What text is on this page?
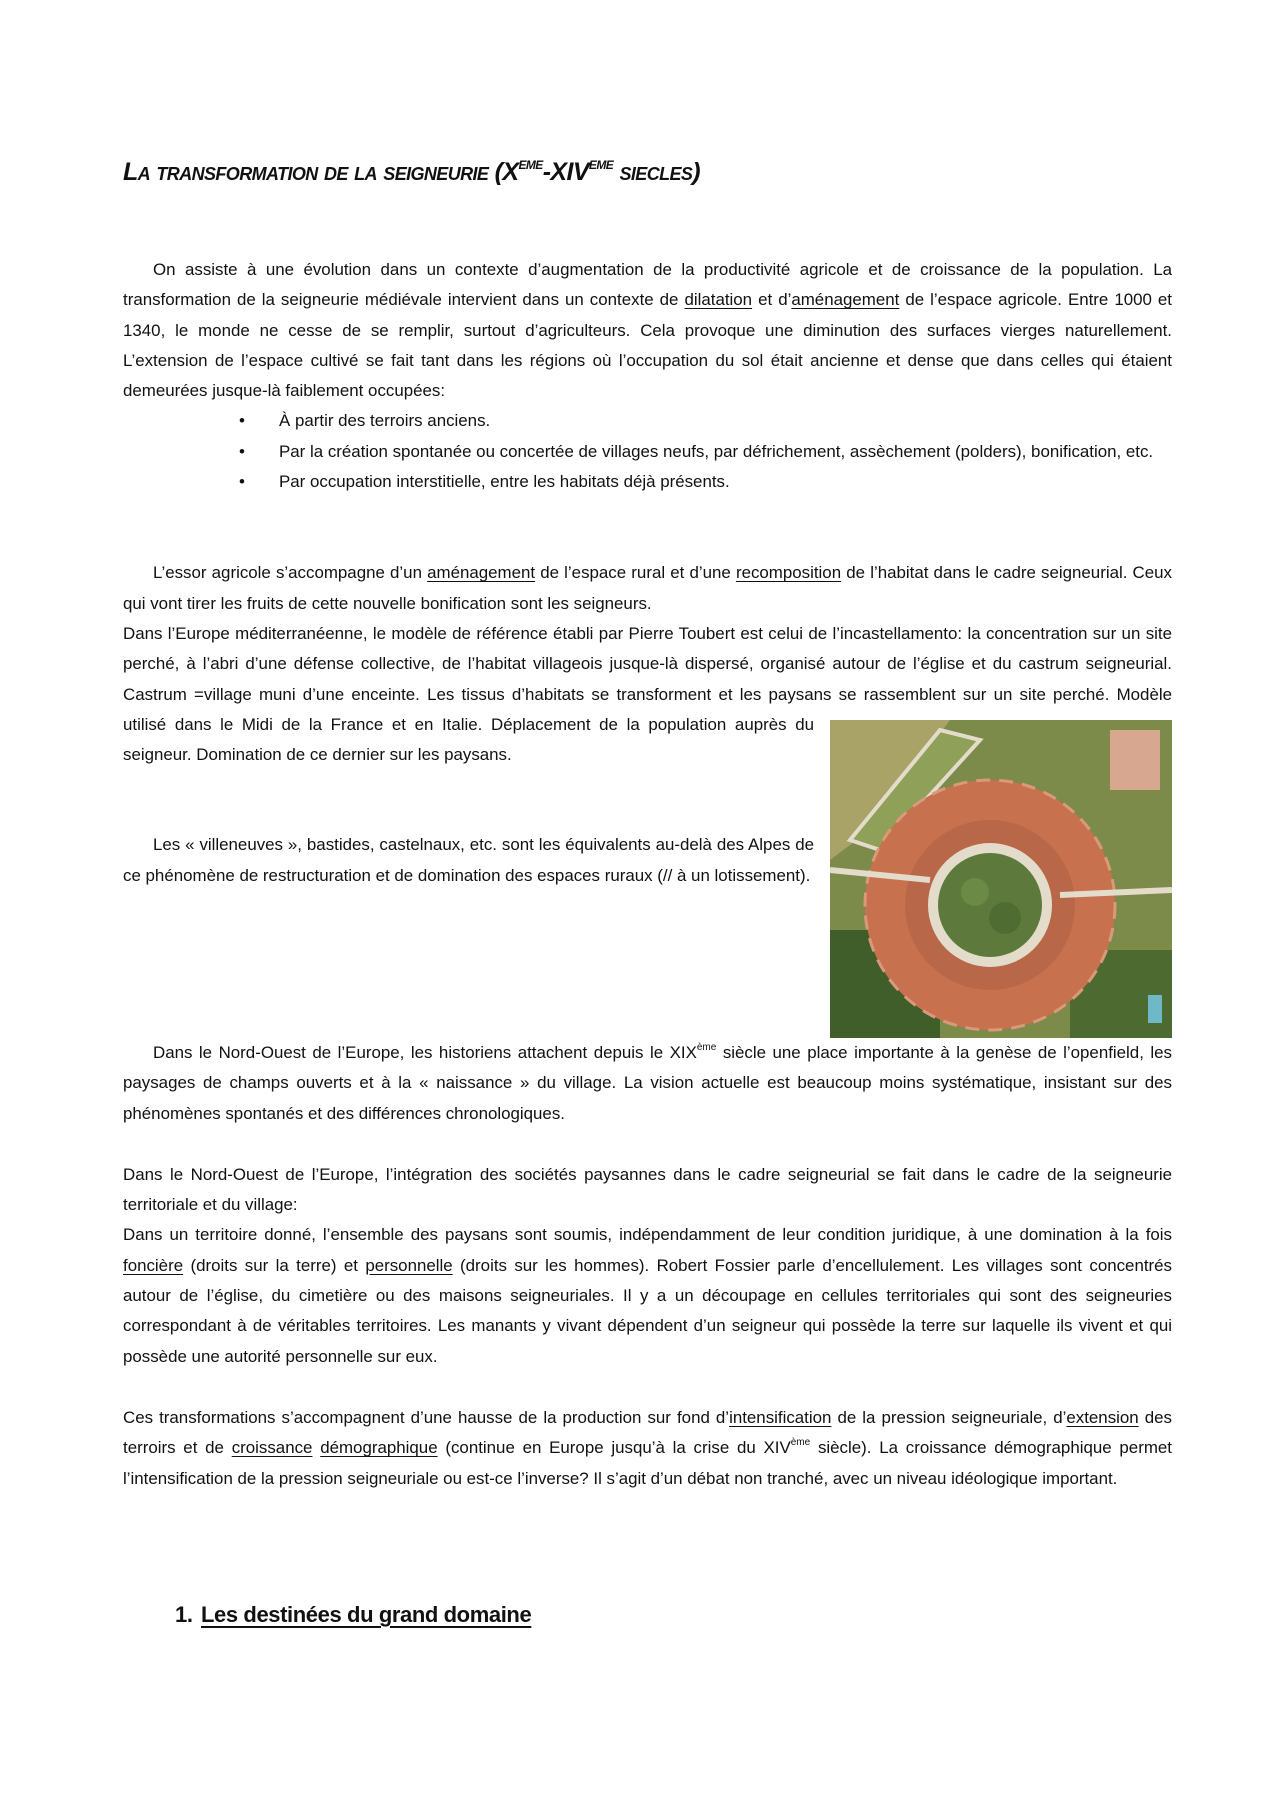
La transformation de la seigneurie (XEME-XIVEME siecles)

On assiste à une évolution dans un contexte d’augmentation de la productivité agricole et de croissance de la population. La transformation de la seigneurie médiévale intervient dans un contexte de dilatation et d’aménagement de l’espace agricole. Entre 1000 et 1340, le monde ne cesse de se remplir, surtout d’agriculteurs. Cela provoque une diminution des surfaces vierges naturellement. L’extension de l’espace cultivé se fait tant dans les régions où l’occupation du sol était ancienne et dense que dans celles qui étaient demeurées jusque-là faiblement occupées:

• À partir des terroirs anciens.
• Par la création spontanée ou concertée de villages neufs, par défrichement, assèchement (polders), bonification, etc.
• Par occupation interstitielle, entre les habitats déjà présents.

L’essor agricole s’accompagne d’un aménagement de l’espace rural et d’une recomposition de l’habitat dans le cadre seigneurial. Ceux qui vont tirer les fruits de cette nouvelle bonification sont les seigneurs.

Dans l’Europe méditerranéenne, le modèle de référence établi par Pierre Toubert est celui de l’incastellamento: la concentration sur un site perché, à l’abri d’une défense collective, de l’habitat villageois jusque-là dispersé, organisé autour de l’église et du castrum seigneurial. Castrum =village muni d’une enceinte. Les tissus d’habitats se transforment et les paysans se rassemblent sur un site perché. Modèle utilisé dans le Midi de la France et en Italie. Déplacement de la population auprès du seigneur. Domination de ce dernier sur les paysans.

Les « villeneuves », bastides, castelnaux, etc. sont les équivalents au-delà des Alpes de ce phénomène de restructuration et de domination des espaces ruraux (// à un lotissement).

Dans le Nord-Ouest de l’Europe, les historiens attachent depuis le XIXème siècle une place importante à la genèse de l’openfield, les paysages de champs ouverts et à la « naissance » du village. La vision actuelle est beaucoup moins systématique, insistant sur des phénomènes spontanés et des différences chronologiques.

Dans le Nord-Ouest de l’Europe, l’intégration des sociétés paysannes dans le cadre seigneurial se fait dans le cadre de la seigneurie territoriale et du village:

Dans un territoire donné, l’ensemble des paysans sont soumis, indépendamment de leur condition juridique, à une domination à la fois foncière (droits sur la terre) et personnelle (droits sur les hommes). Robert Fossier parle d’encellulement. Les villages sont concentrés autour de l’église, du cimetière ou des maisons seigneuriales. Il y a un découpage en cellules territoriales qui sont des seigneuries correspondant à de véritables territoires. Les manants y vivant dépendent d’un seigneur qui possède la terre sur laquelle ils vivent et qui possède une autorité personnelle sur eux.

Ces transformations s’accompagnent d’une hausse de la production sur fond d’intensification de la pression seigneuriale, d’extension des terroirs et de croissance démographique (continue en Europe jusqu’à la crise du XIVème siècle). La croissance démographique permet l’intensification de la pression seigneuriale ou est-ce l’inverse? Il s’agit d’un débat non tranché, avec un niveau idéologique important.

1. Les destinées du grand domaine
